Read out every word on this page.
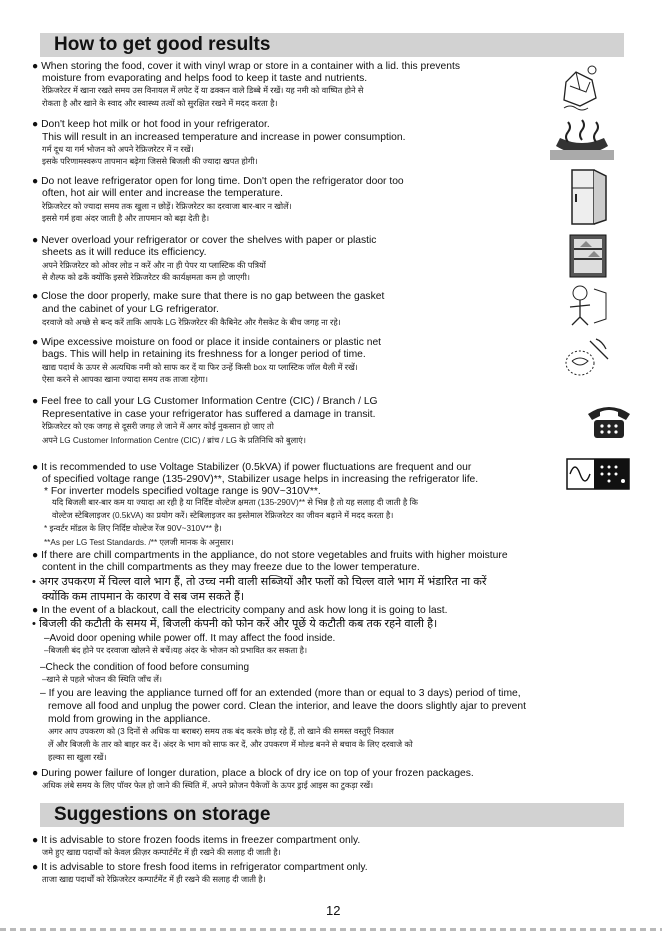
How to get good results
Suggestions on storage
● When storing the food, cover it with vinyl wrap or store in a container with a lid. this prevents
moisture from evaporating and helps food to keep it taste and nutrients.
रेफ्रिजरेटर में खाना रखते समय उस विनायल में लपेट दें या ढक्कन वाले डिब्बे में रखें। यह नमी को वाष्पित होने से
रोकता है और खाने के स्वाद और स्वास्थ्य तत्वों को सुरक्षित रखने में मदद करता है।
● Don't keep hot milk or hot food in your refrigerator.
This will result in an increased temperature and increase in power consumption.
गर्म दूध या गर्म भोजन को अपने रेफ्रिजरेटर में न रखें।
इसके परिणामस्वरूप तापमान बढ़ेगा जिससे बिजली की ज्यादा खपत होगी।
● Do not leave refrigerator open for long time. Don't open the refrigerator door too
often, hot air will enter and increase the temperature.
रेफ्रिजरेटर को ज्यादा समय तक खुला न छोड़ें। रेफ्रिजरेटर का दरवाजा बार-बार न खोलें।
इससे गर्म हवा अंदर जाती है और तापमान को बढ़ा देती है।
● Never overload your refrigerator or cover the shelves with paper or plastic
sheets as it will reduce its efficiency.
अपने रेफ्रिजरेटर को ओवर लोड न करें और ना ही पेपर या प्लास्टिक की पत्रियों
से शैल्फ को ढकें क्योंकि इससे रेफ्रिजरेटर की कार्यक्षमता कम हो जाएगी।
● Close the door properly, make sure that there is no gap between the gasket
and the cabinet of your LG refrigerator.
दरवाजे को अच्छे से बन्द करें ताकि आपके LG रेफ्रिजरेटर की कैबिनेट और गैसकेट के बीच जगह ना रहे।
● Wipe excessive moisture on food or place it inside containers or plastic net
bags. This will help in retaining its freshness for a longer period of time.
खाद्य पदार्थ के ऊपर से अत्यधिक नमी को साफ कर दें या फिर उन्हें किसी box या प्लास्टिक जॉल थैली में रखें।
ऐसा करने से आपका खाना ज्यादा समय तक ताजा रहेगा।
● Feel free to call your LG Customer Information Centre (CIC) / Branch / LG
Representative in case your refrigerator has suffered a damage in transit.
रेफ्रिजरेटर को एक जगह से दूसरी जगह ले जाने में अगर कोई नुकसान हो जाए तो
अपने LG Customer Information Centre (CIC) / ब्रांच / LG के प्रतिनिधि को बुलाएं।
● It is recommended to use Voltage Stabilizer (0.5kVA) if power fluctuations are frequent and our
of specified voltage range (135-290V)**, Stabilizer usage helps in increasing the refrigerator life.
* For inverter models specified voltage range is 90V~310V**.
यदि बिजली बार-बार कम या ज्यादा आ रही है या निर्दिष्ट वोल्टेज क्षमता (135-290V)** से भिन्न है तो यह सलाह दी जाती है कि
वोल्टेज स्टेबिलाइजर (0.5kVA) का प्रयोग करें। स्टेबिलाइजर का इस्तेमाल रेफ्रिजरेटर का जीवन बढ़ाने में मदद करता है।
* इन्वर्टर मॉडल के लिए निर्दिष्ट वोल्टेज रेंज 90V~310V** है।
**As per LG Test Standards. /** एलजी मानक के अनुसार।
● If there are chill compartments in the appliance, do not store vegetables and fruits with higher moisture
content in the chill compartments as they may freeze due to the lower temperature.
• अगर उपकरण में चिल्ल वाले भाग हैं, तो उच्च नमी वाली सब्जियों और फलों को चिल्ल वाले भाग में भंडारित ना करें
क्योंकि कम तापमान के कारण वे सब जम सकते हैं।
● In the event of a blackout, call the electricity company and ask how long it is going to last.
• बिजली की कटौती के समय में, बिजली कंपनी को फोन करें और पूछें ये कटौती कब तक रहने वाली है।
–Avoid door opening while power off. It may affect the food inside.
–बिजली बंद होने पर दरवाजा खोलने से बचें।यह अंदर के भोजन को प्रभावित कर सकता है।
–Check the condition of food before consuming
–खाने से पहले भोजन की स्थिति जाँच लें।
– If you are leaving the appliance turned off for an extended (more than or equal to 3 days) period of time,
remove all food and unplug the power cord. Clean the interior, and leave the doors slightly ajar to prevent
mold from growing in the appliance.
अगर आप उपकरण को (3 दिनों से अधिक या बराबर) समय तक बंद करके छोड़ रहे हैं, तो खाने की समस्त वस्तुएँ निकाल
लें और बिजली के तार को बाहर कर दें। अंदर के भाग को साफ कर दें, और उपकरण में मोल्ड बनने से बचाव के लिए दरवाजे को
हल्का सा खुला रखें।
● During power failure of longer duration, place a block of dry ice on top of your frozen packages.
अधिक लंबे समय के लिए पॉवर फेल हो जाने की स्थिति में, अपने फ्रोजन पैकेजों के ऊपर ड्राई आइस का टुकड़ा रखें।
● It is advisable to store frozen foods items in freezer compartment only.
जमे हुए खाद्य पदार्थों को केवल फ्रीज़र कम्पार्टमेंट में ही रखने की सलाह दी जाती है।
● It is advisable to store fresh food items in refrigerator compartment only.
ताजा खाद्य पदार्थों को रेफ्रिजरेटर कम्पार्टमेंट में ही रखने की सलाह दी जाती है।
12
